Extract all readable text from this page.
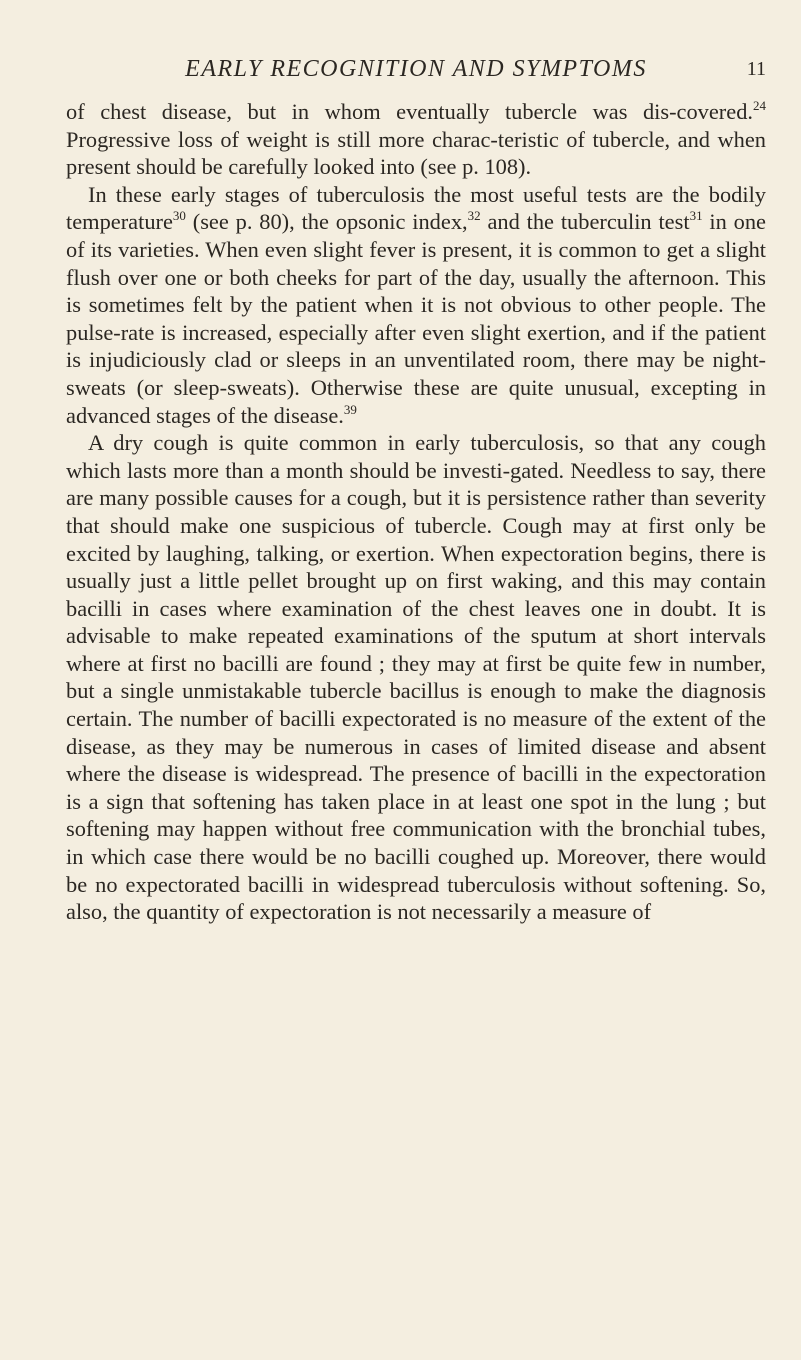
EARLY RECOGNITION AND SYMPTOMS	11

of chest disease, but in whom eventually tubercle was dis-covered.$^{24}$ Progressive loss of weight is still more charac-teristic of tubercle, and when present should be carefully looked into (see p. 108).

In these early stages of tuberculosis the most useful tests are the bodily temperature$^{30}$ (see p. 80), the opsonic index,$^{32}$ and the tuberculin test$^{31}$ in one of its varieties. When even slight fever is present, it is common to get a slight flush over one or both cheeks for part of the day, usually the afternoon. This is sometimes felt by the patient when it is not obvious to other people. The pulse-rate is increased, especially after even slight exertion, and if the patient is injudiciously clad or sleeps in an unventilated room, there may be night-sweats (or sleep-sweats). Otherwise these are quite unusual, excepting in advanced stages of the disease.$^{39}$

A dry cough is quite common in early tuberculosis, so that any cough which lasts more than a month should be investi-gated. Needless to say, there are many possible causes for a cough, but it is persistence rather than severity that should make one suspicious of tubercle. Cough may at first only be excited by laughing, talking, or exertion. When expectoration begins, there is usually just a little pellet brought up on first waking, and this may contain bacilli in cases where examination of the chest leaves one in doubt. It is advisable to make repeated examinations of the sputum at short intervals where at first no bacilli are found ; they may at first be quite few in number, but a single unmistakable tubercle bacillus is enough to make the diagnosis certain. The number of bacilli expectorated is no measure of the extent of the disease, as they may be numerous in cases of limited disease and absent where the disease is widespread. The presence of bacilli in the expectoration is a sign that softening has taken place in at least one spot in the lung ; but softening may happen without free communication with the bronchial tubes, in which case there would be no bacilli coughed up. Moreover, there would be no expectorated bacilli in widespread tuberculosis without softening. So, also, the quantity of expectoration is not necessarily a measure of
